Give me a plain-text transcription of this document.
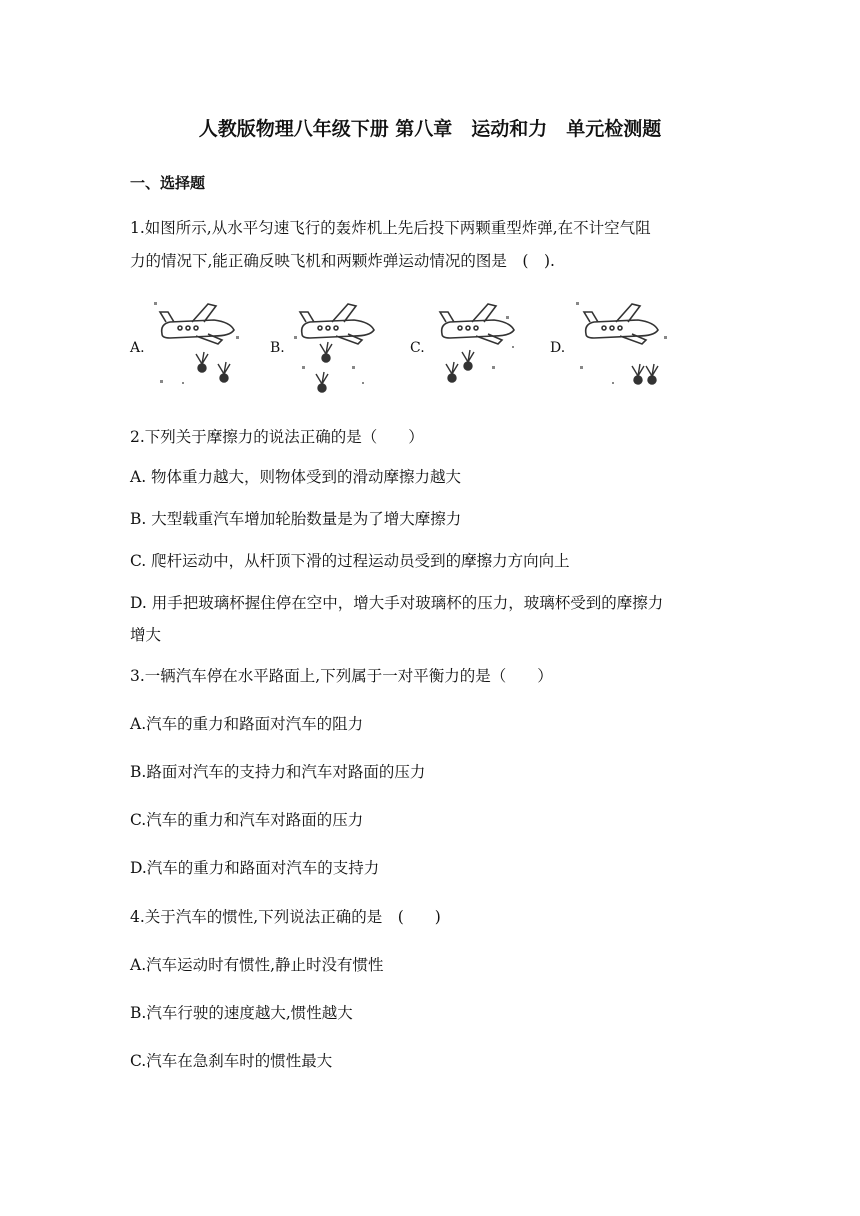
人教版物理八年级下册 第八章　运动和力　单元检测题
一、选择题
1.如图所示,从水平匀速飞行的轰炸机上先后投下两颗重型炸弹,在不计空气阻
力的情况下,能正确反映飞机和两颗炸弹运动情况的图是　(　).
A.	B.	C.	D.
2.下列关于摩擦力的说法正确的是（　　）
A. 物体重力越大，则物体受到的滑动摩擦力越大
B. 大型载重汽车增加轮胎数量是为了增大摩擦力
C. 爬杆运动中，从杆顶下滑的过程运动员受到的摩擦力方向向上
D. 用手把玻璃杯握住停在空中，增大手对玻璃杯的压力，玻璃杯受到的摩擦力
增大
3.一辆汽车停在水平路面上,下列属于一对平衡力的是（　　）
A.汽车的重力和路面对汽车的阻力
B.路面对汽车的支持力和汽车对路面的压力
C.汽车的重力和汽车对路面的压力
D.汽车的重力和路面对汽车的支持力
4.关于汽车的惯性,下列说法正确的是　(　　)
A.汽车运动时有惯性,静止时没有惯性
B.汽车行驶的速度越大,惯性越大
C.汽车在急刹车时的惯性最大
